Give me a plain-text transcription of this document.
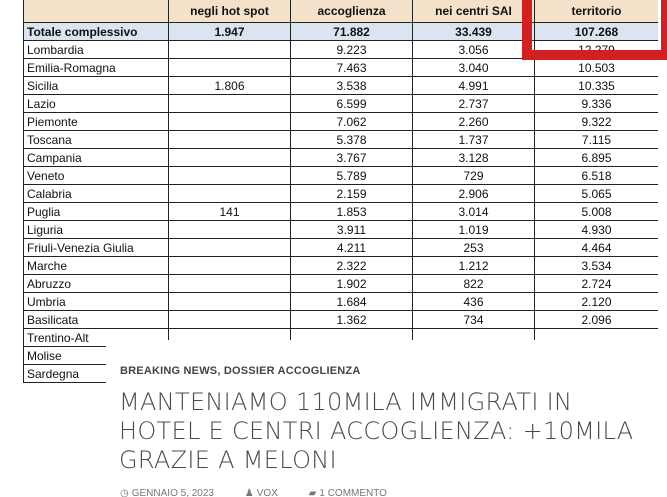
	negli hot spot	accoglienza	nei centri SAI	territorio
Totale complessivo	1.947	71.882	33.439	107.268
Lombardia		9.223	3.056	12.279
Emilia-Romagna		7.463	3.040	10.503
Sicilia	1.806	3.538	4.991	10.335
Lazio		6.599	2.737	9.336
Piemonte		7.062	2.260	9.322
Toscana		5.378	1.737	7.115
Campania		3.767	3.128	6.895
Veneto		5.789	729	6.518
Calabria		2.159	2.906	5.065
Puglia	141	1.853	3.014	5.008
Liguria		3.911	1.019	4.930
Friuli-Venezia Giulia		4.211	253	4.464
Marche		2.322	1.212	3.534
Abruzzo		1.902	822	2.724
Umbria		1.684	436	2.120
Basilicata		1.362	734	2.096
Trentino-Alt				
Molise				
Sardegna					BREAKING NEWS, DOSSIER ACCOGLIENZA
MANTENIAMO 110MILA IMMIGRATI IN HOTEL E CENTRI ACCOGLIENZA: +10MILA GRAZIE A MELONI
◷ GENNAIO 5, 2023	♟ VOX	▰ 1 COMMENTO
